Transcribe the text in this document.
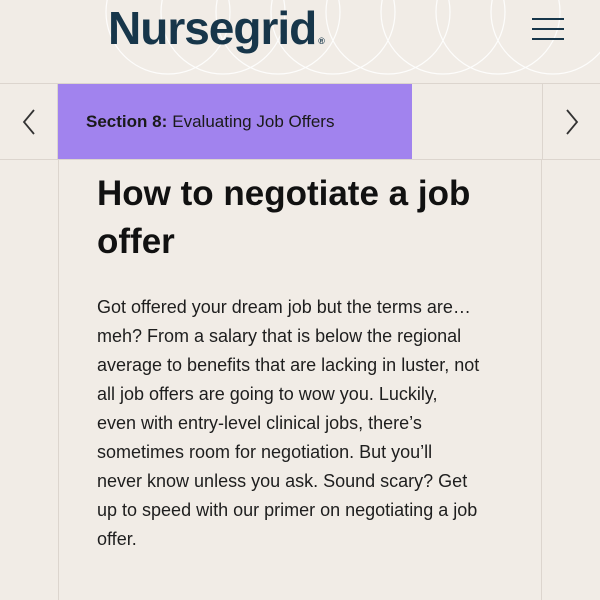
Nursegrid ®
Section 8: Evaluating Job Offers
How to negotiate a job offer

Got offered your dream job but the terms are…meh? From a salary that is below the regional average to benefits that are lacking in luster, not all job offers are going to wow you. Luckily, even with entry-level clinical jobs, there’s sometimes room for negotiation. But you’ll never know unless you ask. Sound scary? Get up to speed with our primer on negotiating a job offer.
